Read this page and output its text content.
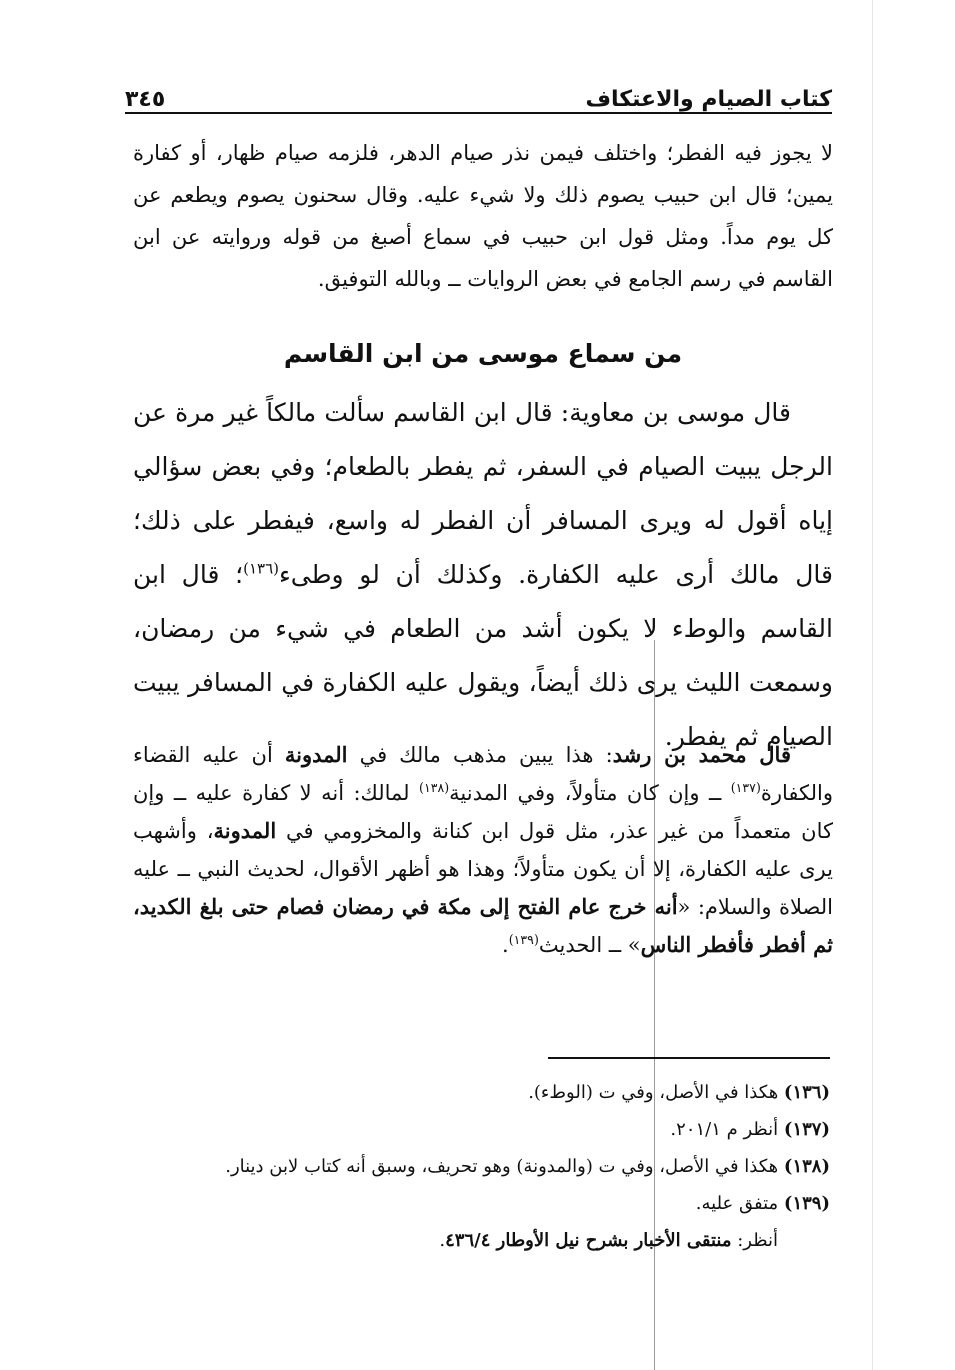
كتاب الصيام والاعتكاف
٣٤٥
لا يجوز فيه الفطر؛ واختلف فيمن نذر صيام الدهر، فلزمه صيام ظهار، أو كفارة يمين؛ قال ابن حبيب يصوم ذلك ولا شيء عليه. وقال سحنون يصوم ويطعم عن كل يوم مداً. ومثل قول ابن حبيب في سماع أصبغ من قوله وروايته عن ابن القاسم في رسم الجامع في بعض الروايات ــ وبالله التوفيق.
من سماع موسى من ابن القاسم
قال موسى بن معاوية: قال ابن القاسم سألت مالكاً غير مرة عن الرجل يبيت الصيام في السفر، ثم يفطر بالطعام؛ وفي بعض سؤالي إياه أقول له ويرى المسافر أن الفطر له واسع، فيفطر على ذلك؛ قال مالك أرى عليه الكفارة. وكذلك أن لو وطىء$^{(١٣٦)}$؛ قال ابن القاسم والوطء لا يكون أشد من الطعام في شيء من رمضان، وسمعت الليث يرى ذلك أيضاً، ويقول عليه الكفارة في المسافر يبيت الصيام ثم يفطر.
قال محمد بن رشد: هذا يبين مذهب مالك في المدونة أن عليه القضاء والكفارة$^{(١٣٧)}$ ــ وإن كان متأولاً، وفي المدنية$^{(١٣٨)}$ لمالك: أنه لا كفارة عليه ــ وإن كان متعمداً من غير عذر، مثل قول ابن كنانة والمخزومي في المدونة، وأشهب يرى عليه الكفارة، إلا أن يكون متأولاً؛ وهذا هو أظهر الأقوال، لحديث النبي ــ عليه الصلاة والسلام: «أنه خرج عام الفتح إلى مكة في رمضان فصام حتى بلغ الكديد، ثم أفطر فأفطر الناس» ــ الحديث$^{(١٣٩)}$.
(١٣٦) هكذا في الأصل، وفي ت (الوطء).
(١٣٧) أنظر م ٢٠١/١.
(١٣٨) هكذا في الأصل، وفي ت (والمدونة) وهو تحريف، وسبق أنه كتاب لابن دينار.
(١٣٩) متفق عليه.
أنظر: منتقى الأخبار بشرح نيل الأوطار ٤٣٦/٤.
